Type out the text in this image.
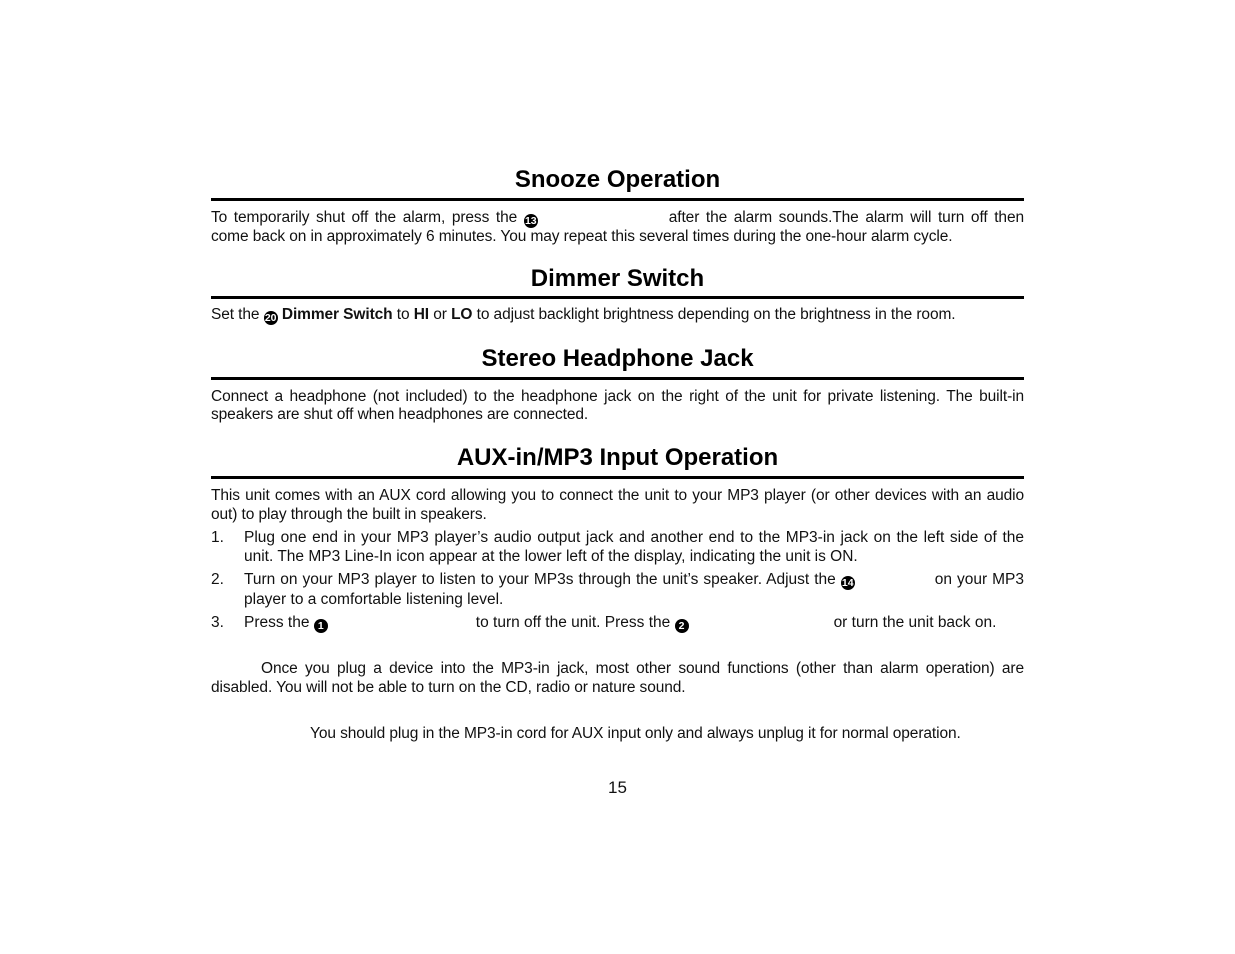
Snooze Operation

To temporarily shut off the alarm, press the 13	after the alarm sounds.The alarm will turn off then come back on in approximately 6 minutes. You may repeat this several times during the one-hour alarm cycle.

Dimmer Switch

Set the 20 Dimmer Switch to HI or LO to adjust backlight brightness depending on the brightness in the room.

Stereo Headphone Jack

Connect a headphone (not included) to the headphone jack on the right of the unit for private listening. The built-in speakers are shut off when headphones are connected.

AUX-in/MP3 Input Operation

This unit comes with an AUX cord allowing you to connect the unit to your MP3 player (or other devices with an audio out) to play through the built in speakers.

1. Plug one end in your MP3 player’s audio output jack and another end to the MP3-in jack on the left side of the unit. The MP3 Line-In icon appear at the lower left of the display, indicating the unit is ON.
2. Turn on your MP3 player to listen to your MP3s through the unit’s speaker. Adjust the 14	on your MP3 player to a comfortable listening level.
3. Press the 1	to turn off the unit. Press the 2	or turn the unit back on.

Once you plug a device into the MP3-in jack, most other sound functions (other than alarm operation) are disabled. You will not be able to turn on the CD, radio or nature sound.

You should plug in the MP3-in cord for AUX input only and always unplug it for normal operation.

15
